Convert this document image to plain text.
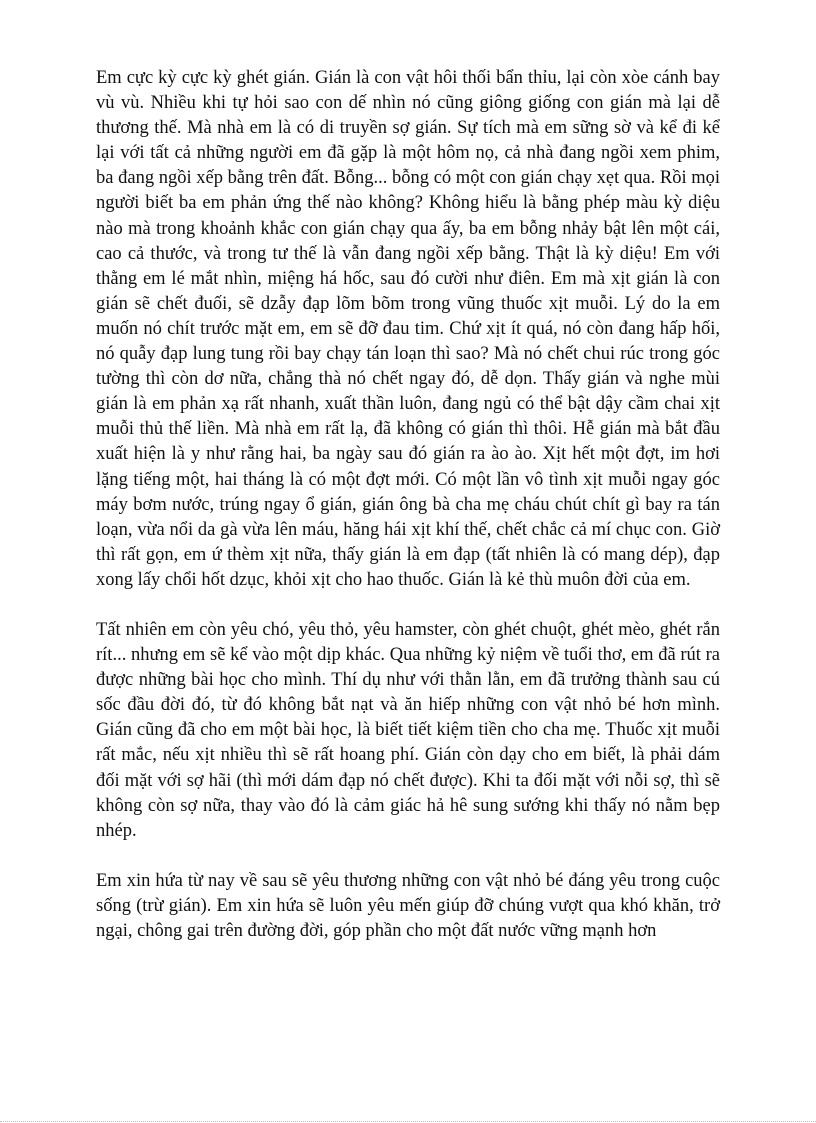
Em cực kỳ cực kỳ ghét gián. Gián là con vật hôi thối bẩn thỉu, lại còn xòe cánh bay vù vù. Nhiều khi tự hỏi sao con dế nhìn nó cũng giông giống con gián mà lại dễ thương thế. Mà nhà em là có di truyền sợ gián. Sự tích mà em sững sờ và kể đi kể lại với tất cả những người em đã gặp là một hôm nọ, cả nhà đang ngồi xem phim, ba đang ngồi xếp bằng trên đất. Bỗng... bỗng có một con gián chạy xẹt qua. Rồi mọi người biết ba em phản ứng thế nào không? Không hiểu là bằng phép màu kỳ diệu nào mà trong khoảnh khắc con gián chạy qua ấy, ba em bỗng nhảy bật lên một cái, cao cả thước, và trong tư thế là vẫn đang ngồi xếp bằng. Thật là kỳ diệu! Em với thằng em lé mắt nhìn, miệng há hốc, sau đó cười như điên. Em mà xịt gián là con gián sẽ chết đuối, sẽ dzẫy đạp lõm bõm trong vũng thuốc xịt muỗi. Lý do la em muốn nó chít trước mặt em, em sẽ đỡ đau tim. Chứ xịt ít quá, nó còn đang hấp hối, nó quẫy đạp lung tung rồi bay chạy tán loạn thì sao? Mà nó chết chui rúc trong góc tường thì còn dơ nữa, chẳng thà nó chết ngay đó, dễ dọn. Thấy gián và nghe mùi gián là em phản xạ rất nhanh, xuất thần luôn, đang ngủ có thể bật dậy cầm chai xịt muỗi thủ thế liền. Mà nhà em rất lạ, đã không có gián thì thôi. Hễ gián mà bắt đầu xuất hiện là y như rằng hai, ba ngày sau đó gián ra ào ào. Xịt hết một đợt, im hơi lặng tiếng một, hai tháng là có một đợt mới. Có một lần vô tình xịt muỗi ngay góc máy bơm nước, trúng ngay ổ gián, gián ông bà cha mẹ cháu chút chít gì bay ra tán loạn, vừa nổi da gà vừa lên máu, hăng hái xịt khí thế, chết chắc cả mí chục con. Giờ thì rất gọn, em ứ thèm xịt nữa, thấy gián là em đạp (tất nhiên là có mang dép), đạp xong lấy chổi hốt dzục, khỏi xịt cho hao thuốc. Gián là kẻ thù muôn đời của em.

Tất nhiên em còn yêu chó, yêu thỏ, yêu hamster, còn ghét chuột, ghét mèo, ghét rắn rít... nhưng em sẽ kể vào một dịp khác. Qua những kỷ niệm về tuổi thơ, em đã rút ra được những bài học cho mình. Thí dụ như với thằn lằn, em đã trưởng thành sau cú sốc đầu đời đó, từ đó không bắt nạt và ăn hiếp những con vật nhỏ bé hơn mình. Gián cũng đã cho em một bài học, là biết tiết kiệm tiền cho cha mẹ. Thuốc xịt muỗi rất mắc, nếu xịt nhiều thì sẽ rất hoang phí. Gián còn dạy cho em biết, là phải dám đối mặt với sợ hãi (thì mới dám đạp nó chết được). Khi ta đối mặt với nỗi sợ, thì sẽ không còn sợ nữa, thay vào đó là cảm giác hả hê sung sướng khi thấy nó nằm bẹp nhép.

Em xin hứa từ nay về sau sẽ yêu thương những con vật nhỏ bé đáng yêu trong cuộc sống (trừ gián). Em xin hứa sẽ luôn yêu mến giúp đỡ chúng vượt qua khó khăn, trở ngại, chông gai trên đường đời, góp phần cho một đất nước vững mạnh hơn
